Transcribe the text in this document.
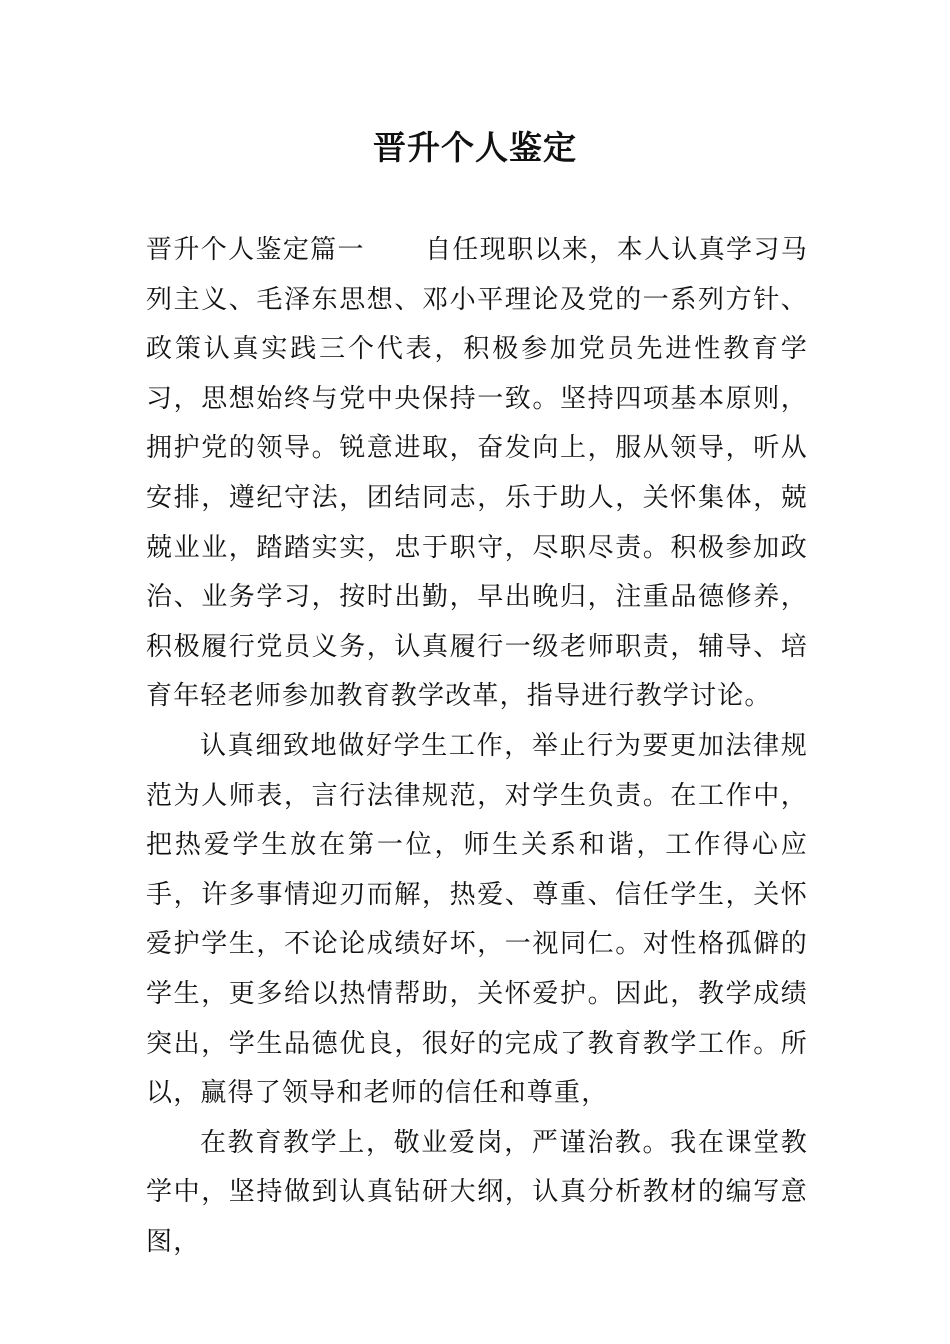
晋升个人鉴定

晋升个人鉴定篇一 自任现职以来，本人认真学习马列主义、毛泽东思想、邓小平理论及党的一系列方针、政策认真实践三个代表，积极参加党员先进性教育学习，思想始终与党中央保持一致。坚持四项基本原则，拥护党的领导。锐意进取，奋发向上，服从领导，听从安排，遵纪守法，团结同志，乐于助人，关怀集体，兢兢业业，踏踏实实，忠于职守，尽职尽责。积极参加政治、业务学习，按时出勤，早出晚归，注重品德修养，积极履行党员义务，认真履行一级老师职责，辅导、培育年轻老师参加教育教学改革，指导进行教学讨论。

认真细致地做好学生工作，举止行为要更加法律规范为人师表，言行法律规范，对学生负责。在工作中，把热爱学生放在第一位，师生关系和谐，工作得心应手，许多事情迎刃而解，热爱、尊重、信任学生，关怀爱护学生，不论论成绩好坏，一视同仁。对性格孤僻的学生，更多给以热情帮助，关怀爱护。因此，教学成绩突出，学生品德优良，很好的完成了教育教学工作。所以，赢得了领导和老师的信任和尊重，

在教育教学上，敬业爱岗，严谨治教。我在课堂教学中，坚持做到认真钻研大纲，认真分析教材的编写意图，
